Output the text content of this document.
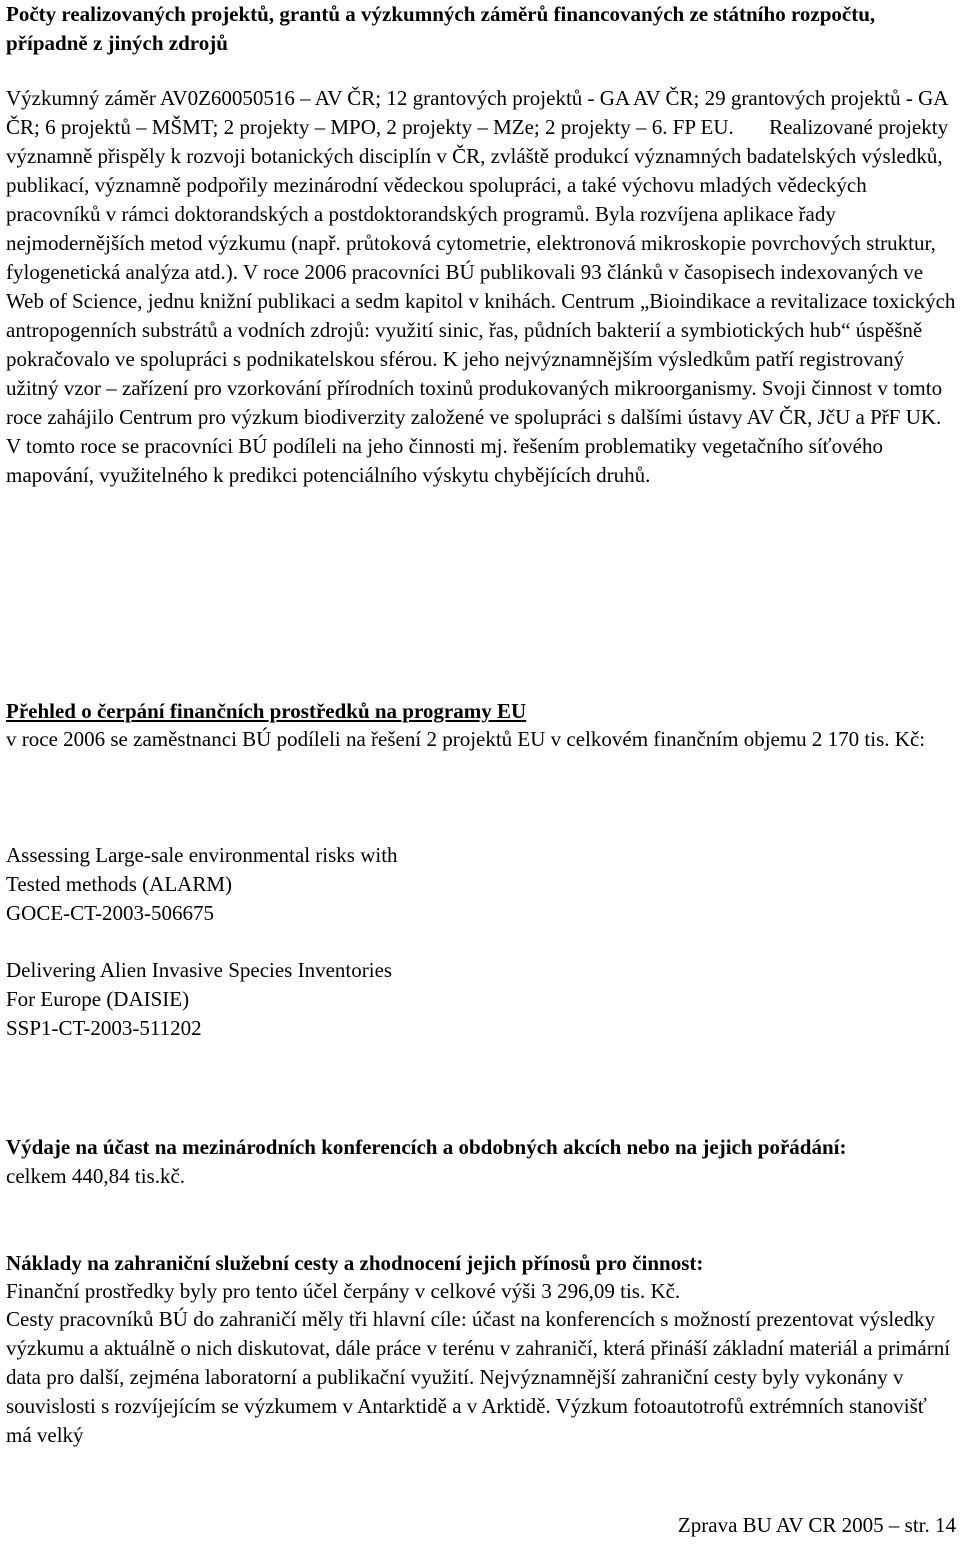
Počty realizovaných projektů, grantů a výzkumných záměrů financovaných ze státního rozpočtu, případně z jiných zdrojů

Výzkumný záměr AV0Z60050516 – AV ČR; 12 grantových projektů - GA AV ČR; 29 grantových projektů - GA ČR; 6 projektů – MŠMT; 2 projekty – MPO, 2 projekty – MZe; 2 projekty – 6. FP EU. Realizované projekty významně přispěly k rozvoji botanických disciplín v ČR, zvláště produkcí významných badatelských výsledků, publikací, významně podpořily mezinárodní vědeckou spolupráci, a také výchovu mladých vědeckých pracovníků v rámci doktorandských a postdoktorandských programů. Byla rozvíjena aplikace řady nejmodernějších metod výzkumu (např. průtoková cytometrie, elektronová mikroskopie povrchových struktur, fylogenetická analýza atd.). V roce 2006 pracovníci BÚ publikovali 93 článků v časopisech indexovaných ve Web of Science, jednu knižní publikaci a sedm kapitol v knihách. Centrum „Bioindikace a revitalizace toxických antropogenních substrátů a vodních zdrojů: využití sinic, řas, půdních bakterií a symbiotických hub“ úspěšně pokračovalo ve spolupráci s podnikatelskou sférou. K jeho nejvýznamnějším výsledkům patří registrovaný užitný vzor – zařízení pro vzorkování přírodních toxinů produkovaných mikroorganismy. Svoji činnost v tomto roce zahájilo Centrum pro výzkum biodiverzity založené ve spolupráci s dalšími ústavy AV ČR, JčU a PřF UK. V tomto roce se pracovníci BÚ podíleli na jeho činnosti mj. řešením problematiky vegetačního síťového mapování, využitelného k predikci potenciálního výskytu chybějících druhů.

Přehled o čerpání finančních prostředků na programy EU

v roce 2006 se zaměstnanci BÚ podíleli na řešení 2 projektů EU v celkovém finančním objemu 2 170 tis. Kč:

Assessing Large-sale environmental risks with
Tested methods (ALARM)
GOCE-CT-2003-506675
Delivering Alien Invasive Species Inventories
For Europe (DAISIE)
SSP1-CT-2003-511202
Výdaje na účast na mezinárodních konferencích a obdobných akcích nebo na jejich pořádání:

celkem 440,84 tis.kč.

Náklady na zahraniční služební cesty a zhodnocení jejich přínosů pro činnost:

Finanční prostředky byly pro tento účel čerpány v celkové výši 3 296,09 tis. Kč.

Cesty pracovníků BÚ do zahraničí měly tři hlavní cíle: účast na konferencích s možností prezentovat výsledky výzkumu a aktuálně o nich diskutovat, dále práce v terénu v zahraničí, která přináší základní materiál a primární data pro další, zejména laboratorní a publikační využití. Nejvýznamnější zahraniční cesty byly vykonány v souvislosti s rozvíjejícím se výzkumem v Antarktidě a v Arktidě. Výzkum fotoautotrofů extrémních stanovišť má velký

Zprava BU AV CR 2005 – str. 14
